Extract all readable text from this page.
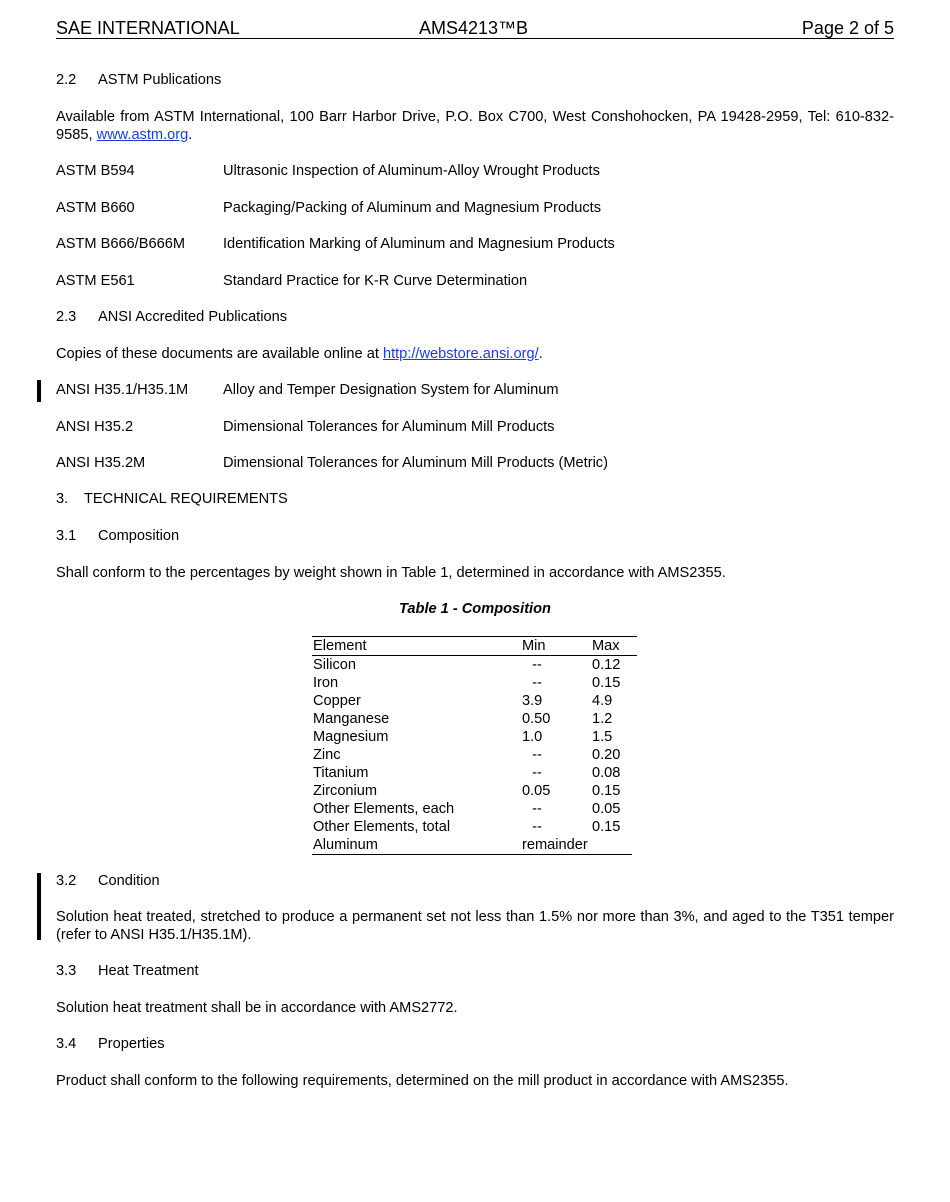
SAE INTERNATIONAL	AMS4213™B	Page 2 of 5
2.2 ASTM Publications
Available from ASTM International, 100 Barr Harbor Drive, P.O. Box C700, West Conshohocken, PA 19428-2959, Tel: 610-832-9585, www.astm.org.
ASTM B594	Ultrasonic Inspection of Aluminum-Alloy Wrought Products
ASTM B660	Packaging/Packing of Aluminum and Magnesium Products
ASTM B666/B666M	Identification Marking of Aluminum and Magnesium Products
ASTM E561	Standard Practice for K-R Curve Determination
2.3 ANSI Accredited Publications
Copies of these documents are available online at http://webstore.ansi.org/.
ANSI H35.1/H35.1M Alloy and Temper Designation System for Aluminum
ANSI H35.2	Dimensional Tolerances for Aluminum Mill Products
ANSI H35.2M	Dimensional Tolerances for Aluminum Mill Products (Metric)
3. TECHNICAL REQUIREMENTS
3.1 Composition
Shall conform to the percentages by weight shown in Table 1, determined in accordance with AMS2355.
Table 1 - Composition
Element	Min	Max
Silicon	--	0.12
Iron	--	0.15
Copper	3.9	4.9
Manganese	0.50	1.2
Magnesium	1.0	1.5
Zinc	--	0.20
Titanium	--	0.08
Zirconium	0.05	0.15
Other Elements, each	--	0.05
Other Elements, total	--	0.15
Aluminum	remainder
3.2 Condition
Solution heat treated, stretched to produce a permanent set not less than 1.5% nor more than 3%, and aged to the T351 temper (refer to ANSI H35.1/H35.1M).
3.3 Heat Treatment
Solution heat treatment shall be in accordance with AMS2772.
3.4 Properties
Product shall conform to the following requirements, determined on the mill product in accordance with AMS2355.
